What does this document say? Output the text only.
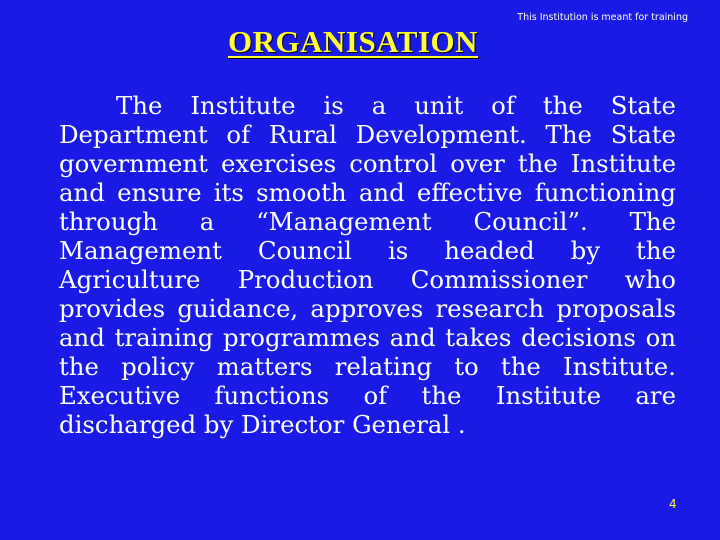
This Institution is meant for training
ORGANISATION

The Institute is a unit of the State Department of Rural Development. The State government exercises control over the Institute and ensure its smooth and effective functioning through a “Management Council”. The Management Council is headed by the Agriculture Production Commissioner who provides guidance, approves research proposals and training programmes and takes decisions on the policy matters relating to the Institute. Executive functions of the Institute are discharged by Director General .

4
